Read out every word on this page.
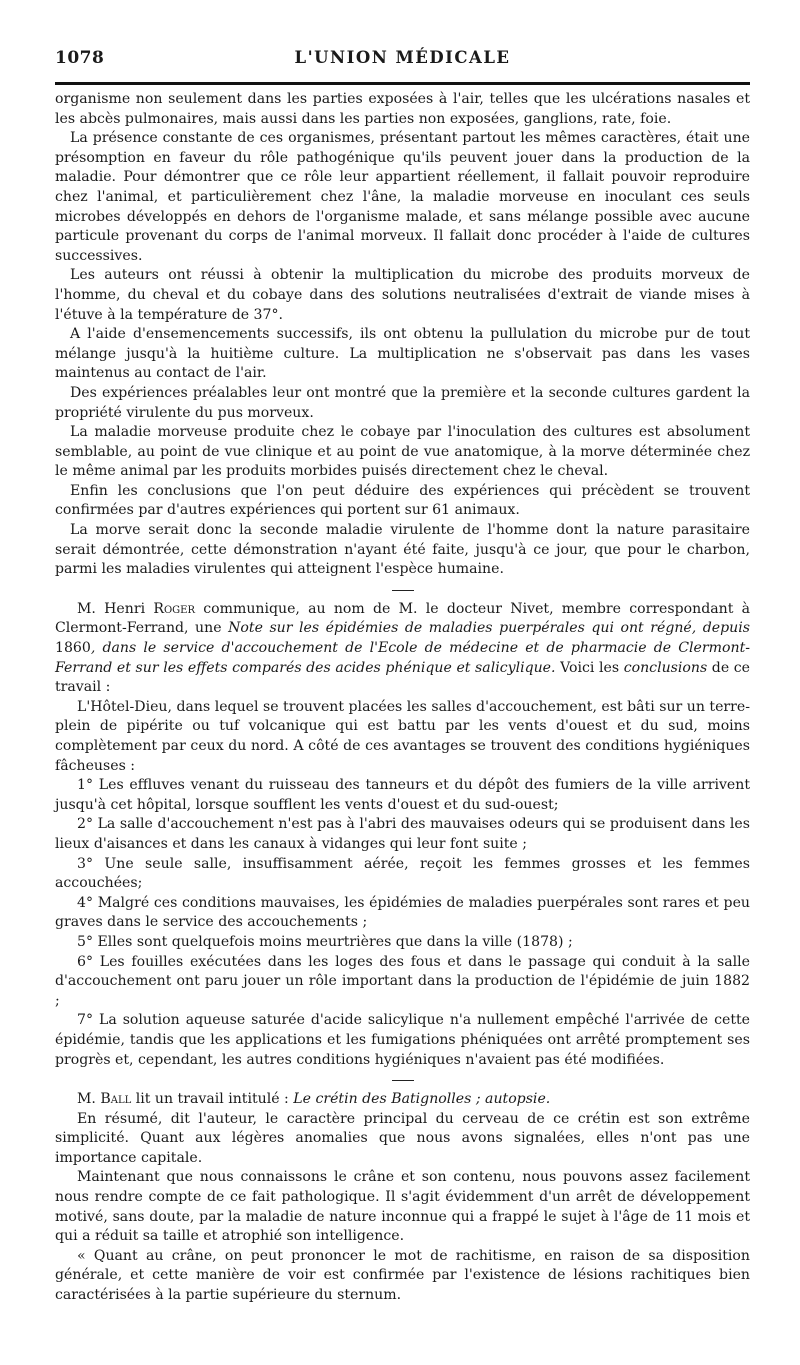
1078	L'UNION MÉDICALE

organisme non seulement dans les parties exposées à l'air, telles que les ulcérations nasales et les abcès pulmonaires, mais aussi dans les parties non exposées, ganglions, rate, foie.

La présence constante de ces organismes, présentant partout les mêmes caractères, était une présomption en faveur du rôle pathogénique qu'ils peuvent jouer dans la production de la maladie. Pour démontrer que ce rôle leur appartient réellement, il fallait pouvoir reproduire chez l'animal, et particulièrement chez l'âne, la maladie morveuse en inoculant ces seuls microbes développés en dehors de l'organisme malade, et sans mélange possible avec aucune particule provenant du corps de l'animal morveux. Il fallait donc procéder à l'aide de cultures successives.

Les auteurs ont réussi à obtenir la multiplication du microbe des produits morveux de l'homme, du cheval et du cobaye dans des solutions neutralisées d'extrait de viande mises à l'étuve à la température de 37°.

A l'aide d'ensemencements successifs, ils ont obtenu la pullulation du microbe pur de tout mélange jusqu'à la huitième culture. La multiplication ne s'observait pas dans les vases maintenus au contact de l'air.

Des expériences préalables leur ont montré que la première et la seconde cultures gardent la propriété virulente du pus morveux.

La maladie morveuse produite chez le cobaye par l'inoculation des cultures est absolument semblable, au point de vue clinique et au point de vue anatomique, à la morve déterminée chez le même animal par les produits morbides puisés directement chez le cheval.

Enfin les conclusions que l'on peut déduire des expériences qui précèdent se trouvent confirmées par d'autres expériences qui portent sur 61 animaux.

La morve serait donc la seconde maladie virulente de l'homme dont la nature parasitaire serait démontrée, cette démonstration n'ayant été faite, jusqu'à ce jour, que pour le charbon, parmi les maladies virulentes qui atteignent l'espèce humaine.

M. Henri Roger communique, au nom de M. le docteur Nivet, membre correspondant à Clermont-Ferrand, une Note sur les épidémies de maladies puerpérales qui ont régné, depuis 1860, dans le service d'accouchement de l'Ecole de médecine et de pharmacie de Clermont-Ferrand et sur les effets comparés des acides phénique et salicylique. Voici les conclusions de ce travail :

L'Hôtel-Dieu, dans lequel se trouvent placées les salles d'accouchement, est bâti sur un terre-plein de pipérite ou tuf volcanique qui est battu par les vents d'ouest et du sud, moins complètement par ceux du nord. A côté de ces avantages se trouvent des conditions hygiéniques fâcheuses :

1° Les effluves venant du ruisseau des tanneurs et du dépôt des fumiers de la ville arrivent jusqu'à cet hôpital, lorsque soufflent les vents d'ouest et du sud-ouest;

2° La salle d'accouchement n'est pas à l'abri des mauvaises odeurs qui se produisent dans les lieux d'aisances et dans les canaux à vidanges qui leur font suite ;

3° Une seule salle, insuffisamment aérée, reçoit les femmes grosses et les femmes accouchées;

4° Malgré ces conditions mauvaises, les épidémies de maladies puerpérales sont rares et peu graves dans le service des accouchements ;

5° Elles sont quelquefois moins meurtrières que dans la ville (1878) ;

6° Les fouilles exécutées dans les loges des fous et dans le passage qui conduit à la salle d'accouchement ont paru jouer un rôle important dans la production de l'épidémie de juin 1882 ;

7° La solution aqueuse saturée d'acide salicylique n'a nullement empêché l'arrivée de cette épidémie, tandis que les applications et les fumigations phéniquées ont arrêté promptement ses progrès et, cependant, les autres conditions hygiéniques n'avaient pas été modifiées.

M. Ball lit un travail intitulé : Le crétin des Batignolles ; autopsie.

En résumé, dit l'auteur, le caractère principal du cerveau de ce crétin est son extrême simplicité. Quant aux légères anomalies que nous avons signalées, elles n'ont pas une importance capitale.

Maintenant que nous connaissons le crâne et son contenu, nous pouvons assez facilement nous rendre compte de ce fait pathologique. Il s'agit évidemment d'un arrêt de développement motivé, sans doute, par la maladie de nature inconnue qui a frappé le sujet à l'âge de 11 mois et qui a réduit sa taille et atrophié son intelligence.

« Quant au crâne, on peut prononcer le mot de rachitisme, en raison de sa disposition générale, et cette manière de voir est confirmée par l'existence de lésions rachitiques bien caractérisées à la partie supérieure du sternum.
